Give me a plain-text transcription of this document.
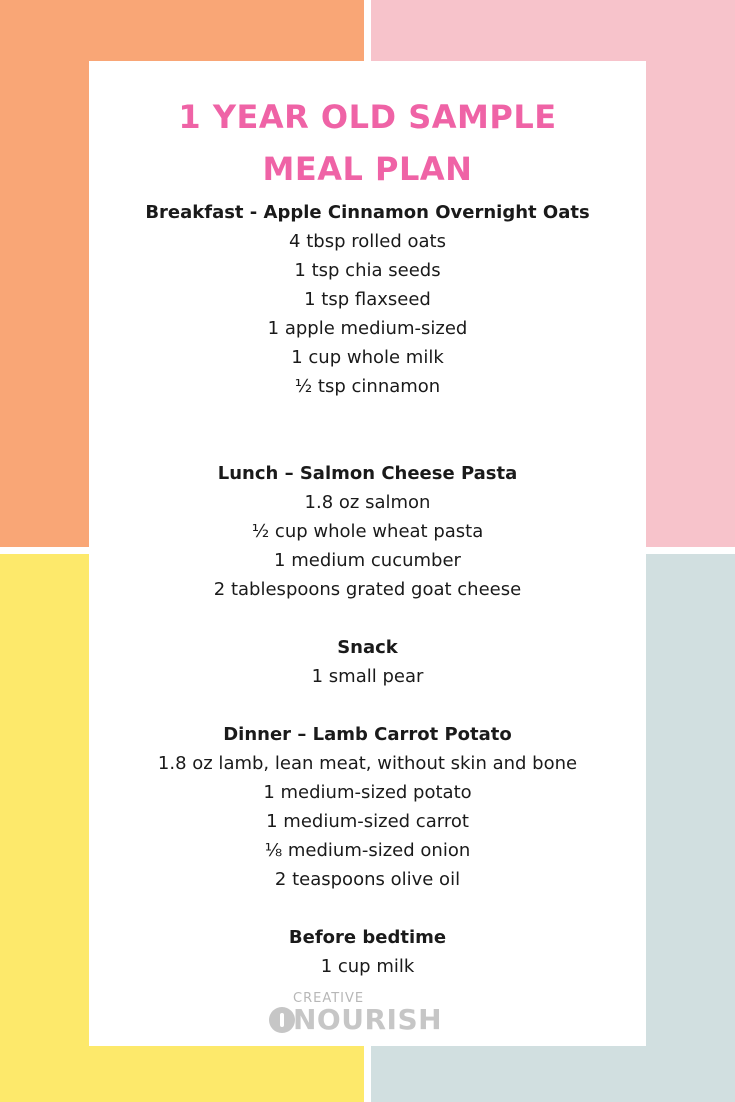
1 YEAR OLD SAMPLE
MEAL PLAN

Breakfast - Apple Cinnamon Overnight Oats

4 tbsp rolled oats

1 tsp chia seeds

1 tsp flaxseed

1 apple medium-sized

1 cup whole milk

½ tsp cinnamon

Lunch – Salmon Cheese Pasta

1.8 oz salmon

½ cup whole wheat pasta

1 medium cucumber

2 tablespoons grated goat cheese

Snack

1 small pear

Dinner – Lamb Carrot Potato

1.8 oz lamb, lean meat, without skin and bone

1 medium-sized potato

1 medium-sized carrot

⅛ medium-sized onion

2 teaspoons olive oil

Before bedtime

1 cup milk

CREATIVE
NOURISH
